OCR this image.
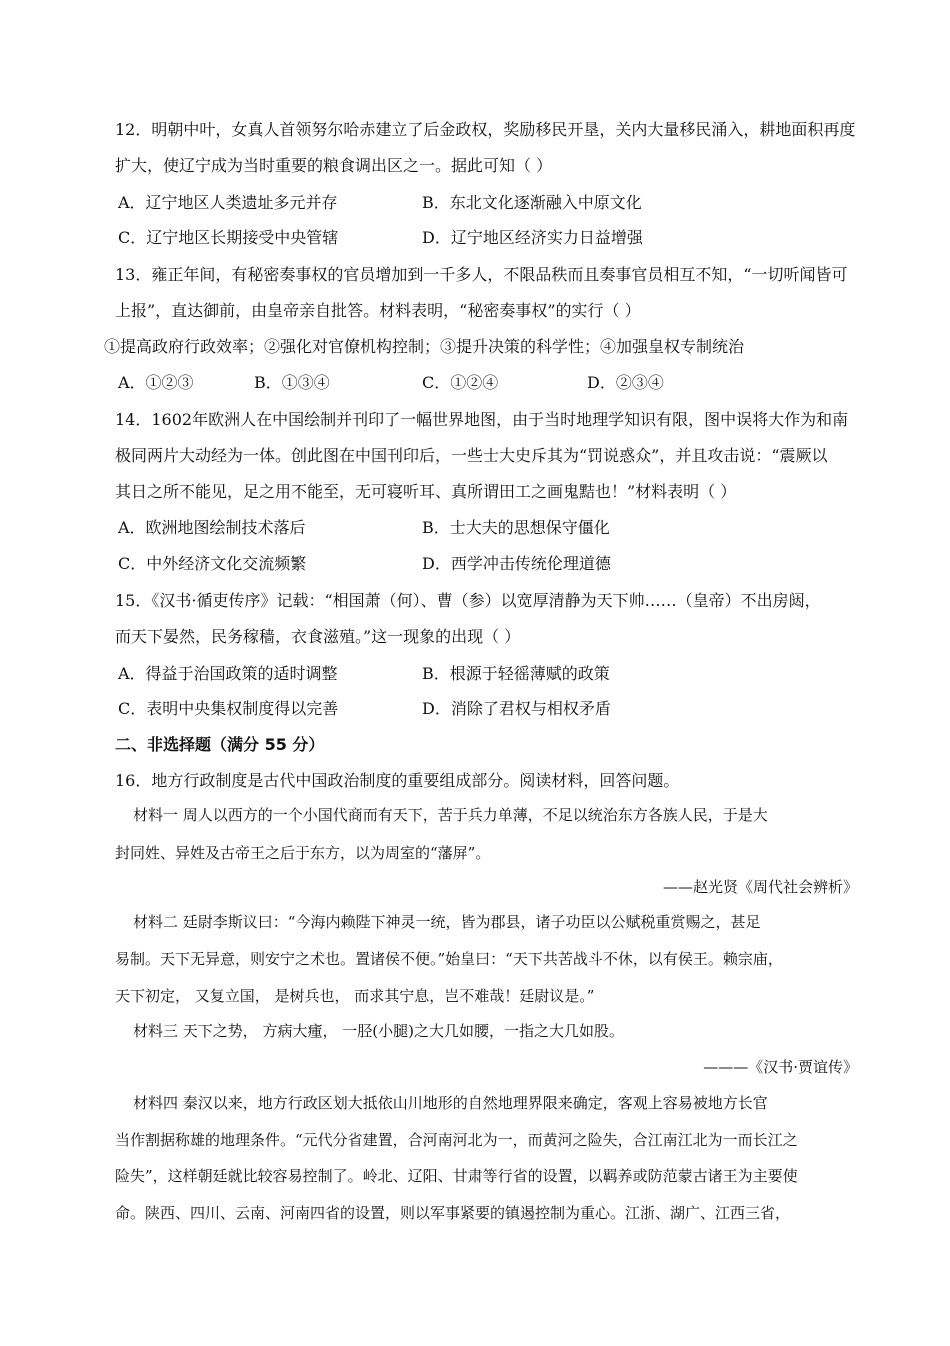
12．明朝中叶，女真人首领努尔哈赤建立了后金政权，奖励移民开垦，关内大量移民涌入，耕地面积再度
扩大，使辽宁成为当时重要的粮食调出区之一。据此可知（ ）
A．辽宁地区人类遗址多元并存	B．东北文化逐渐融入中原文化
C．辽宁地区长期接受中央管辖	D．辽宁地区经济实力日益增强
13．雍正年间，有秘密奏事权的官员增加到一千多人，不限品秩而且奏事官员相互不知，“一切听闻皆可
上报”，直达御前，由皇帝亲自批答。材料表明，“秘密奏事权”的实行（ ）
①提高政府行政效率；②强化对官僚机构控制；③提升决策的科学性；④加强皇权专制统治
A．①②③	B．①③④	C．①②④	D．②③④
14．1602年欧洲人在中国绘制并刊印了一幅世界地图，由于当时地理学知识有限，图中误将大作为和南
极同两片大动经为一体。创此图在中国刊印后，一些士大史斥其为“罚说惑众”，并且攻击说：“震厥以
其日之所不能见，足之用不能至，无可寝听耳、真所谓田工之画鬼黠也！”材料表明（ ）
A．欧洲地图绘制技术落后	B．士大夫的思想保守僵化
C．中外经济文化交流频繁	D．西学冲击传统伦理道德
15．《汉书·循吏传序》记载：“相国萧（何）、曹（参）以宽厚清静为天下帅……（皇帝）不出房闼，
而天下晏然，民务稼穑，衣食滋殖。”这一现象的出现（ ）
A．得益于治国政策的适时调整	B．根源于轻徭薄赋的政策
C．表明中央集权制度得以完善	D．消除了君权与相权矛盾
二、非选择题（满分 55 分）
16．地方行政制度是古代中国政治制度的重要组成部分。阅读材料，回答问题。
材料一 周人以西方的一个小国代商而有天下，苦于兵力单薄，不足以统治东方各族人民，于是大
封同姓、异姓及古帝王之后于东方，以为周室的“藩屏”。
——赵光贤《周代社会辨析》
材料二 廷尉李斯议曰：“今海内赖陛下神灵一统，皆为郡县，诸子功臣以公赋税重赏赐之，甚足
易制。天下无异意，则安宁之术也。置诸侯不便。”始皇曰：“天下共苦战斗不休，以有侯王。赖宗庙，
天下初定， 又复立国， 是树兵也， 而求其宁息，岂不难哉！廷尉议是。”
材料三 天下之势， 方病大瘇， 一胫(小腿)之大几如腰，一指之大几如股。
———《汉书·贾谊传》
材料四 秦汉以来，地方行政区划大抵依山川地形的自然地理界限来确定，客观上容易被地方长官
当作割据称雄的地理条件。“元代分省建置，合河南河北为一，而黄河之险失，合江南江北为一而长江之
险失”，这样朝廷就比较容易控制了。岭北、辽阳、甘肃等行省的设置，以羁养或防范蒙古诸王为主要使
命。陕西、四川、云南、河南四省的设置，则以军事紧要的镇遏控制为重心。江浙、湖广、江西三省，
